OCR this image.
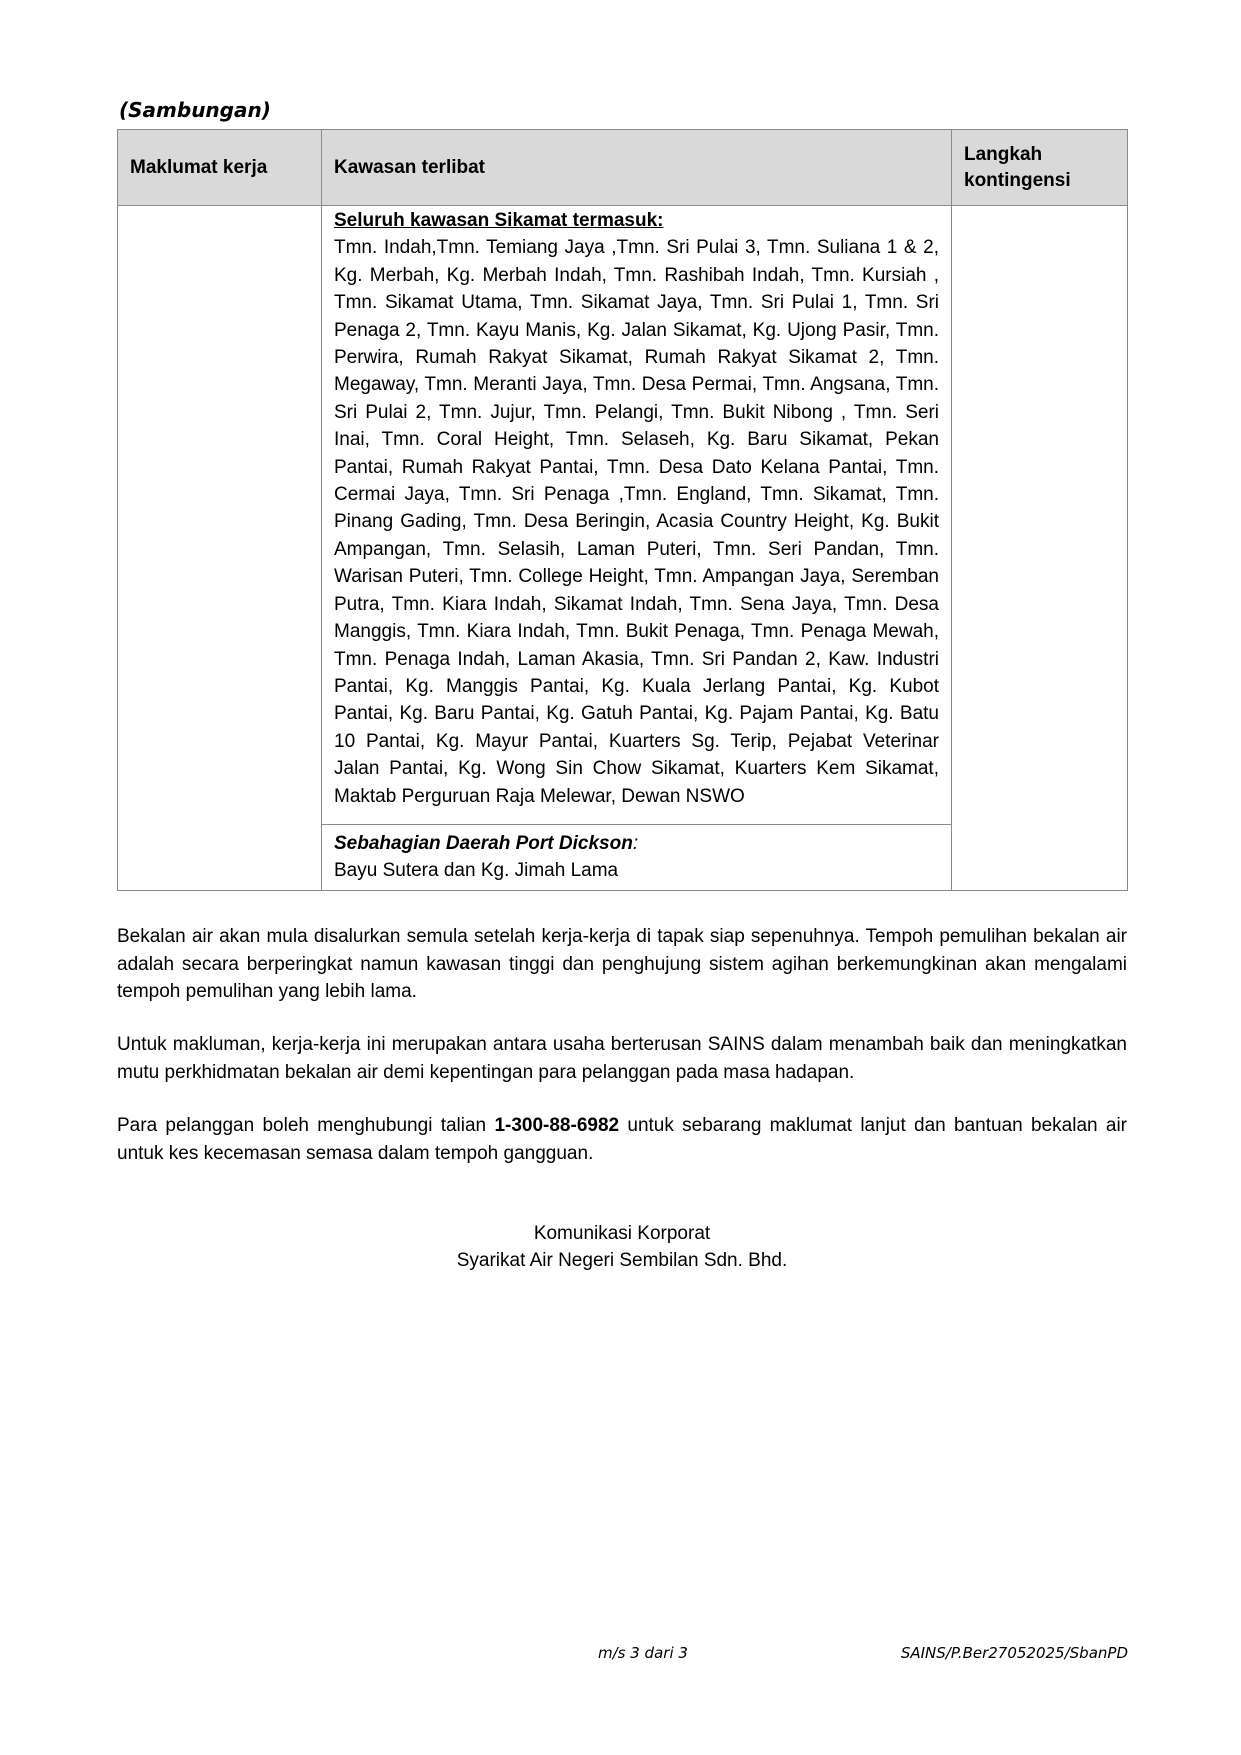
(Sambungan)

Maklumat kerja	Kawasan terlibat	Langkah kontingensi

	Seluruh kawasan Sikamat termasuk:
Tmn. Indah,Tmn. Temiang Jaya ,Tmn. Sri Pulai 3, Tmn. Suliana 1 & 2, Kg. Merbah, Kg. Merbah Indah, Tmn. Rashibah Indah, Tmn. Kursiah , Tmn. Sikamat Utama, Tmn. Sikamat Jaya, Tmn. Sri Pulai 1, Tmn. Sri Penaga 2, Tmn. Kayu Manis, Kg. Jalan Sikamat, Kg. Ujong Pasir, Tmn. Perwira, Rumah Rakyat Sikamat, Rumah Rakyat Sikamat 2, Tmn. Megaway, Tmn. Meranti Jaya, Tmn. Desa Permai, Tmn. Angsana, Tmn. Sri Pulai 2, Tmn. Jujur, Tmn. Pelangi, Tmn. Bukit Nibong , Tmn. Seri Inai, Tmn. Coral Height, Tmn. Selaseh, Kg. Baru Sikamat, Pekan Pantai, Rumah Rakyat Pantai, Tmn. Desa Dato Kelana Pantai, Tmn. Cermai Jaya, Tmn. Sri Penaga ,Tmn. England, Tmn. Sikamat, Tmn. Pinang Gading, Tmn. Desa Beringin, Acasia Country Height, Kg. Bukit Ampangan, Tmn. Selasih, Laman Puteri, Tmn. Seri Pandan, Tmn. Warisan Puteri, Tmn. College Height, Tmn. Ampangan Jaya, Seremban Putra, Tmn. Kiara Indah, Sikamat Indah, Tmn. Sena Jaya, Tmn. Desa Manggis, Tmn. Kiara Indah, Tmn. Bukit Penaga, Tmn. Penaga Mewah, Tmn. Penaga Indah, Laman Akasia, Tmn. Sri Pandan 2, Kaw. Industri Pantai, Kg. Manggis Pantai, Kg. Kuala Jerlang Pantai, Kg. Kubot Pantai, Kg. Baru Pantai, Kg. Gatuh Pantai, Kg. Pajam Pantai, Kg. Batu 10 Pantai, Kg. Mayur Pantai, Kuarters Sg. Terip, Pejabat Veterinar Jalan Pantai, Kg. Wong Sin Chow Sikamat, Kuarters Kem Sikamat, Maktab Perguruan Raja Melewar, Dewan NSWO	

	Sebahagian Daerah Port Dickson:
Bayu Sutera dan Kg. Jimah Lama	

Bekalan air akan mula disalurkan semula setelah kerja-kerja di tapak siap sepenuhnya. Tempoh pemulihan bekalan air adalah secara berperingkat namun kawasan tinggi dan penghujung sistem agihan berkemungkinan akan mengalami tempoh pemulihan yang lebih lama.

Untuk makluman, kerja-kerja ini merupakan antara usaha berterusan SAINS dalam menambah baik dan meningkatkan mutu perkhidmatan bekalan air demi kepentingan para pelanggan pada masa hadapan.

Para pelanggan boleh menghubungi talian 1-300-88-6982 untuk sebarang maklumat lanjut dan bantuan bekalan air untuk kes kecemasan semasa dalam tempoh gangguan.

Komunikasi Korporat
Syarikat Air Negeri Sembilan Sdn. Bhd.

m/s 3 dari 3	SAINS/P.Ber27052025/SbanPD
